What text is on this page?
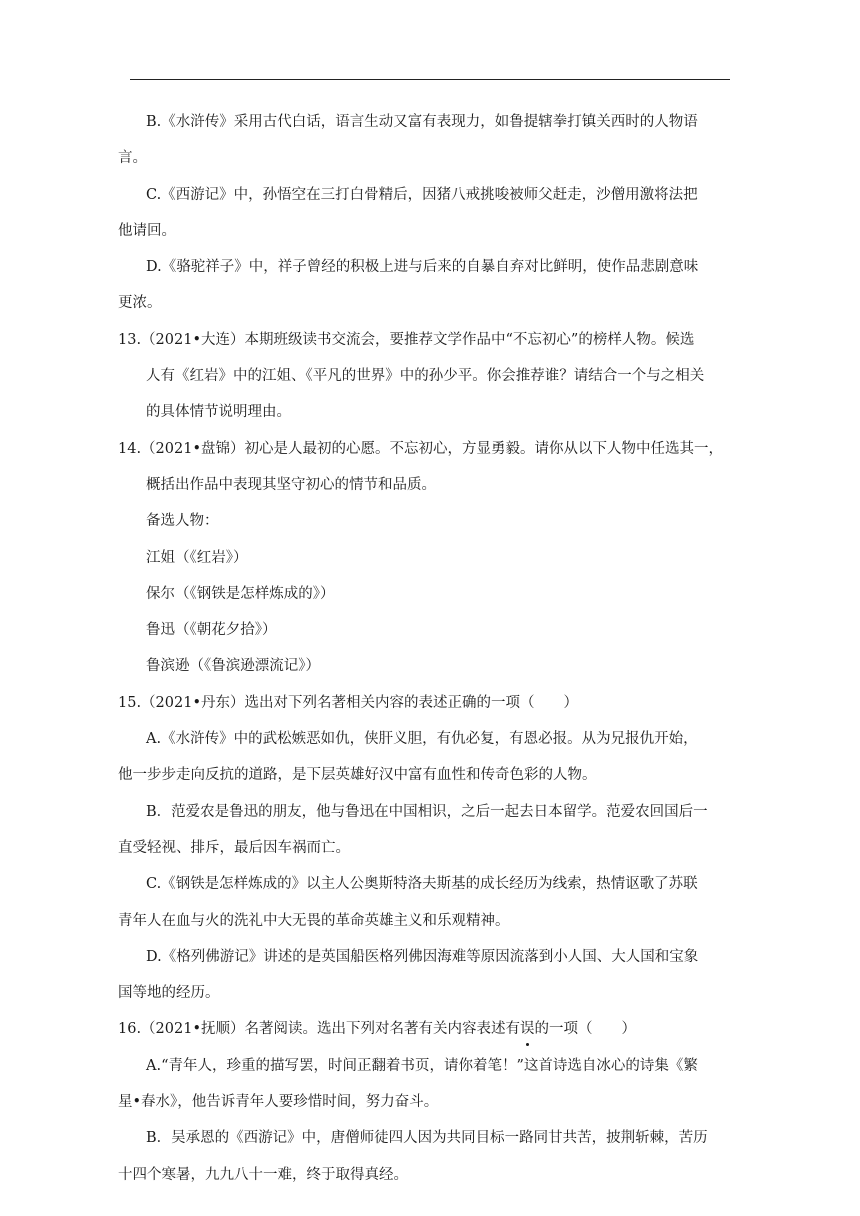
B.《水浒传》采用古代白话，语言生动又富有表现力，如鲁提辖拳打镇关西时的人物语
言。
C.《西游记》中，孙悟空在三打白骨精后，因猪八戒挑唆被师父赶走，沙僧用激将法把
他请回。
D.《骆驼祥子》中，祥子曾经的积极上进与后来的自暴自弃对比鲜明，使作品悲剧意味
更浓。
13.（2021•大连）本期班级读书交流会，要推荐文学作品中“不忘初心”的榜样人物。候选
人有《红岩》中的江姐、《平凡的世界》中的孙少平。你会推荐谁？请结合一个与之相关
的具体情节说明理由。
14.（2021•盘锦）初心是人最初的心愿。不忘初心，方显勇毅。请你从以下人物中任选其一，
概括出作品中表现其坚守初心的情节和品质。
备选人物：
江姐（《红岩》）
保尔（《钢铁是怎样炼成的》）
鲁迅（《朝花夕拾》）
鲁滨逊（《鲁滨逊漂流记》）
15.（2021•丹东）选出对下列名著相关内容的表述正确的一项（　　）
A.《水浒传》中的武松嫉恶如仇，侠肝义胆，有仇必复，有恩必报。从为兄报仇开始，
他一步步走向反抗的道路，是下层英雄好汉中富有血性和传奇色彩的人物。
B．范爱农是鲁迅的朋友，他与鲁迅在中国相识，之后一起去日本留学。范爱农回国后一
直受轻视、排斥，最后因车祸而亡。
C.《钢铁是怎样炼成的》以主人公奥斯特洛夫斯基的成长经历为线索，热情讴歌了苏联
青年人在血与火的洗礼中大无畏的革命英雄主义和乐观精神。
D.《格列佛游记》讲述的是英国船医格列佛因海难等原因流落到小人国、大人国和宝象
国等地的经历。
16.（2021•抚顺）名著阅读。选出下列对名著有关内容表述有误的一项（　　）
A.“青年人，珍重的描写罢，时间正翻着书页，请你着笔！”这首诗选自冰心的诗集《繁
星•春水》，他告诉青年人要珍惜时间，努力奋斗。
B．吴承恩的《西游记》中，唐僧师徒四人因为共同目标一路同甘共苦，披荆斩棘，苦历
十四个寒暑，九九八十一难，终于取得真经。
